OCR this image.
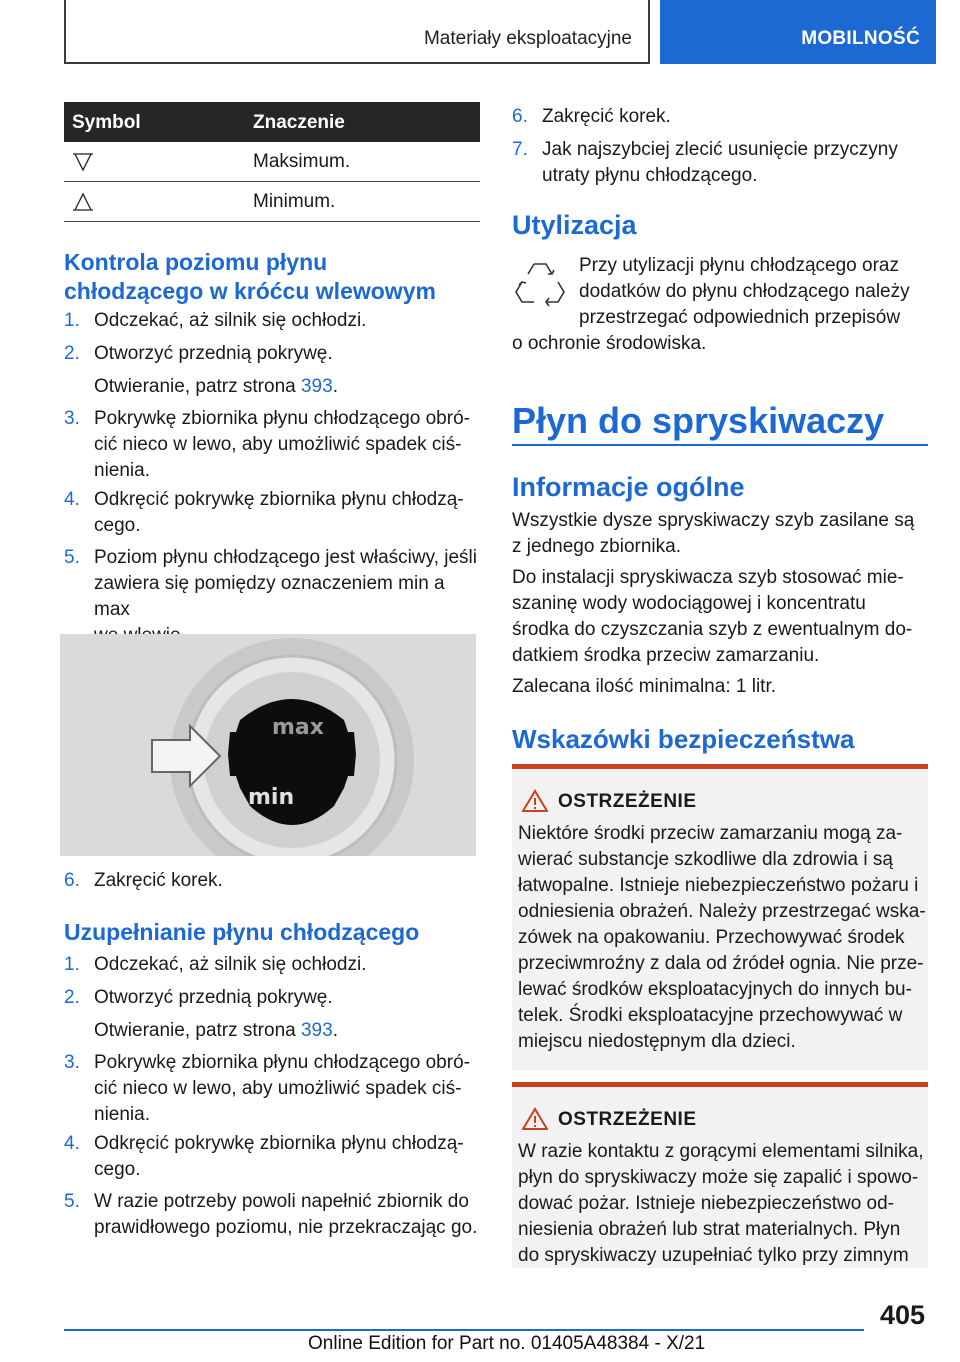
Materiały eksploatacyjne	MOBILNOŚĆ
Symbol	Znaczenie
Maksimum.
Minimum.
Kontrola poziomu płynu
chłodzącego w króćcu wlewowym
1. Odczekać, aż silnik się ochłodzi.
2. Otworzyć przednią pokrywę.
Otwieranie, patrz strona 393.
3. Pokrywkę zbiornika płynu chłodzącego obró-
cić nieco w lewo, aby umożliwić spadek ciś-
nienia.
4. Odkręcić pokrywkę zbiornika płynu chłodzą-
cego.
5. Poziom płynu chłodzącego jest właściwy, jeśli
zawiera się pomiędzy oznaczeniem min a max
max
min
6. Zakręcić korek.
Uzupełnianie płynu chłodzącego
1. Odczekać, aż silnik się ochłodzi.
2. Otworzyć przednią pokrywę.
Otwieranie, patrz strona 393.
3. Pokrywkę zbiornika płynu chłodzącego obró-
cić nieco w lewo, aby umożliwić spadek ciś-
nienia.
4. Odkręcić pokrywkę zbiornika płynu chłodzą-
cego.
5. W razie potrzeby powoli napełnić zbiornik do
prawidłowego poziomu, nie przekraczając go.
6. Zakręcić korek.
7. Jak najszybciej zlecić usunięcie przyczyny
utraty płynu chłodzącego.
Utylizacja
Przy utylizacji płynu chłodzącego oraz
dodatków do płynu chłodzącego należy
przestrzegać odpowiednich przepisów
o ochronie środowiska.
Płyn do spryskiwaczy
Informacje ogólne
Wszystkie dysze spryskiwaczy szyb zasilane są
z jednego zbiornika.
Do instalacji spryskiwacza szyb stosować mie-
szaninę wody wodociągowej i koncentratu
środka do czyszczania szyb z ewentualnym do-
datkiem środka przeciw zamarzaniu.
Zalecana ilość minimalna: 1 litr.
Wskazówki bezpieczeństwa
OSTRZEŻENIE
Niektóre środki przeciw zamarzaniu mogą za-
wierać substancje szkodliwe dla zdrowia i są
łatwopalne. Istnieje niebezpieczeństwo pożaru i
odniesienia obrażeń. Należy przestrzegać wska-
zówek na opakowaniu. Przechowywać środek
przeciwmroźny z dala od źródeł ognia. Nie prze-
lewać środków eksploatacyjnych do innych bu-
telek. Środki eksploatacyjne przechowywać w
miejscu niedostępnym dla dzieci.
OSTRZEŻENIE
W razie kontaktu z gorącymi elementami silnika,
płyn do spryskiwaczy może się zapalić i spowo-
dować pożar. Istnieje niebezpieczeństwo od-
niesienia obrażeń lub strat materialnych. Płyn
do spryskiwaczy uzupełniać tylko przy zimnym
405
Online Edition for Part no. 01405A48384 - X/21
